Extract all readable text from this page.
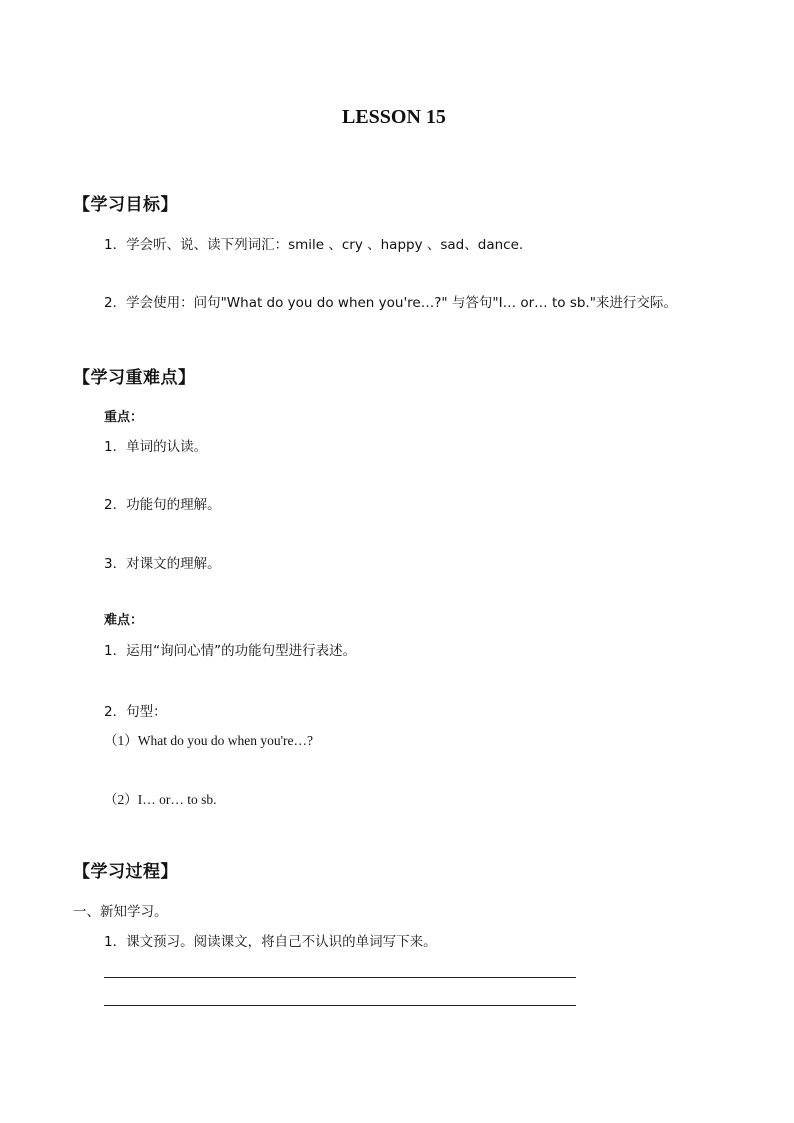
LESSON 15
【学习目标】
1．学会听、说、读下列词汇：smile 、cry 、happy 、sad、dance.
2．学会使用：问句"What do you do when you're…?" 与答句"I… or… to sb."来进行交际。
【学习重难点】
重点：
1．单词的认读。
2．功能句的理解。
3．对课文的理解。
难点：
1．运用“询问心情”的功能句型进行表述。
2．句型：
（1）What do you do when you're…?
（2）I… or… to sb.
【学习过程】
一、新知学习。
1．课文预习。阅读课文，将自己不认识的单词写下来。
